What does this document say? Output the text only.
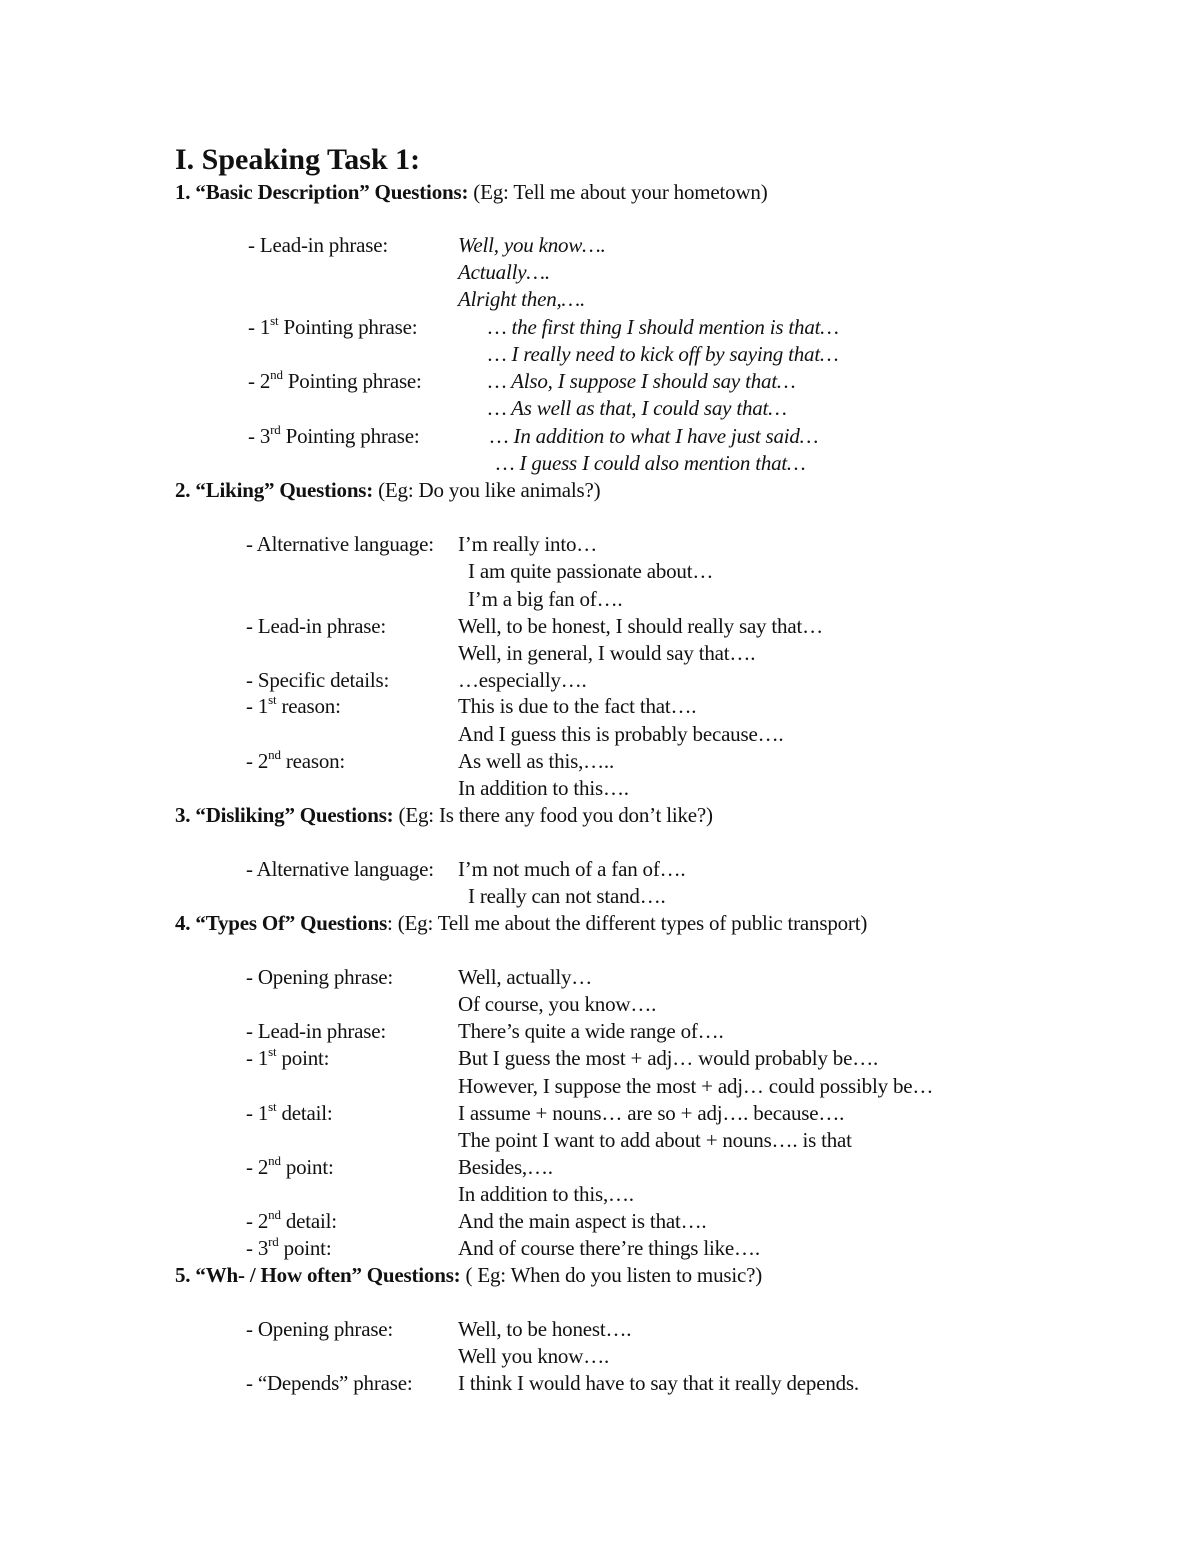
I. Speaking Task 1:
1. “Basic Description” Questions: (Eg: Tell me about your hometown)
- Lead-in phrase:	Well, you know….
Actually….
Alright then,….
- 1st Pointing phrase:	… the first thing I should mention is that…
… I really need to kick off by saying that…
- 2nd Pointing phrase:	… Also, I suppose I should say that…
… As well as that, I could say that…
- 3rd Pointing phrase:	… In addition to what I have just said…
… I guess I could also mention that…
2. “Liking” Questions: (Eg: Do you like animals?)
- Alternative language: I’m really into…
I am quite passionate about…
I’m a big fan of….
- Lead-in phrase:	Well, to be honest, I should really say that…
Well, in general, I would say that….
- Specific details:	…especially….
- 1st reason:	This is due to the fact that….
And I guess this is probably because….
- 2nd reason:	As well as this,…..
In addition to this….
3. “Disliking” Questions: (Eg: Is there any food you don’t like?)
- Alternative language: I’m not much of a fan of….
I really can not stand….
4. “Types Of” Questions: (Eg: Tell me about the different types of public transport)
- Opening phrase:	Well, actually…
Of course, you know….
- Lead-in phrase:	There’s quite a wide range of….
- 1st point:	But I guess the most + adj… would probably be….
However, I suppose the most + adj… could possibly be…
- 1st detail:	I assume + nouns… are so + adj…. because….
The point I want to add about + nouns…. is that
- 2nd point:	Besides,….
In addition to this,….
- 2nd detail:	And the main aspect is that….
- 3rd point:	And of course there’re things like….
5. “Wh- / How often” Questions: ( Eg: When do you listen to music?)
- Opening phrase:	Well, to be honest….
Well you know….
- “Depends” phrase: I think I would have to say that it really depends.
